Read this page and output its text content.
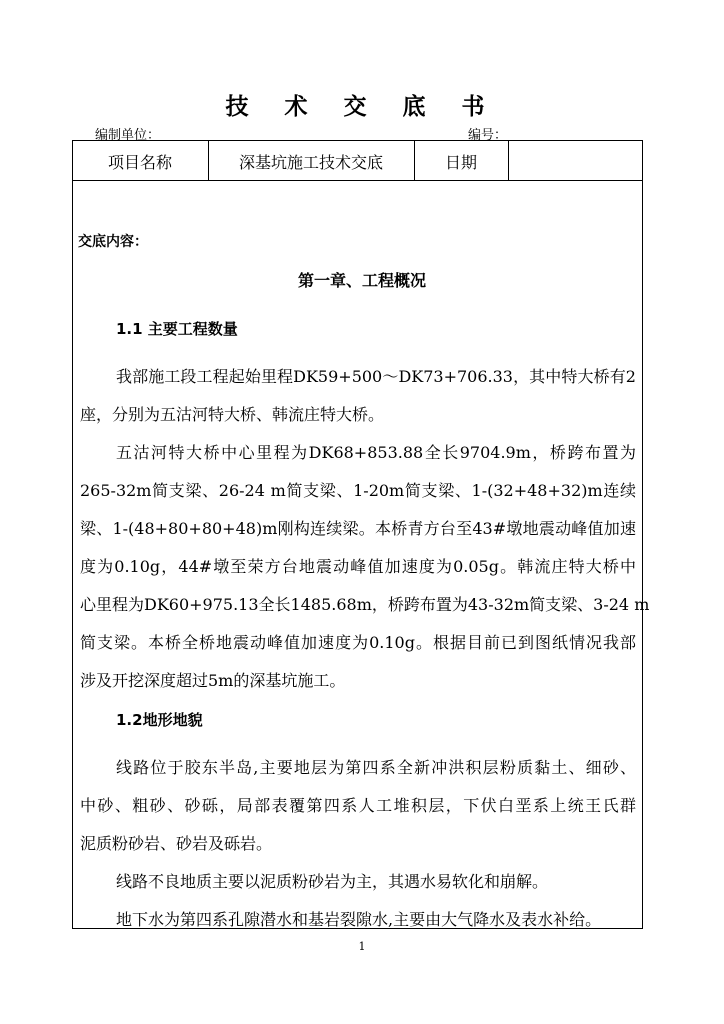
技 术 交 底 书
编制单位：	编号：
项目名称	深基坑施工技术交底	日期
交底内容：
第一章、工程概况
1.1 主要工程数量
我部施工段工程起始里程DK59+500～DK73+706.33，其中特大桥有2
座，分别为五沽河特大桥、韩流庄特大桥。
五沽河特大桥中心里程为DK68+853.88全长9704.9m，桥跨布置为
265-32m简支梁、26-24 m简支梁、1-20m简支梁、1-(32+48+32)m连续
梁、1-(48+80+80+48)m刚构连续梁。本桥青方台至43#墩地震动峰值加速
度为0.10g，44#墩至荣方台地震动峰值加速度为0.05g。韩流庄特大桥中
心里程为DK60+975.13全长1485.68m，桥跨布置为43-32m简支梁、3-24 m
简支梁。本桥全桥地震动峰值加速度为0.10g。根据目前已到图纸情况我部
涉及开挖深度超过5m的深基坑施工。
1.2地形地貌
线路位于胶东半岛,主要地层为第四系全新冲洪积层粉质黏土、细砂、
中砂、粗砂、砂砾，局部表覆第四系人工堆积层，下伏白垩系上统王氏群
泥质粉砂岩、砂岩及砾岩。
线路不良地质主要以泥质粉砂岩为主，其遇水易软化和崩解。
地下水为第四系孔隙潜水和基岩裂隙水,主要由大气降水及表水补给。
1
